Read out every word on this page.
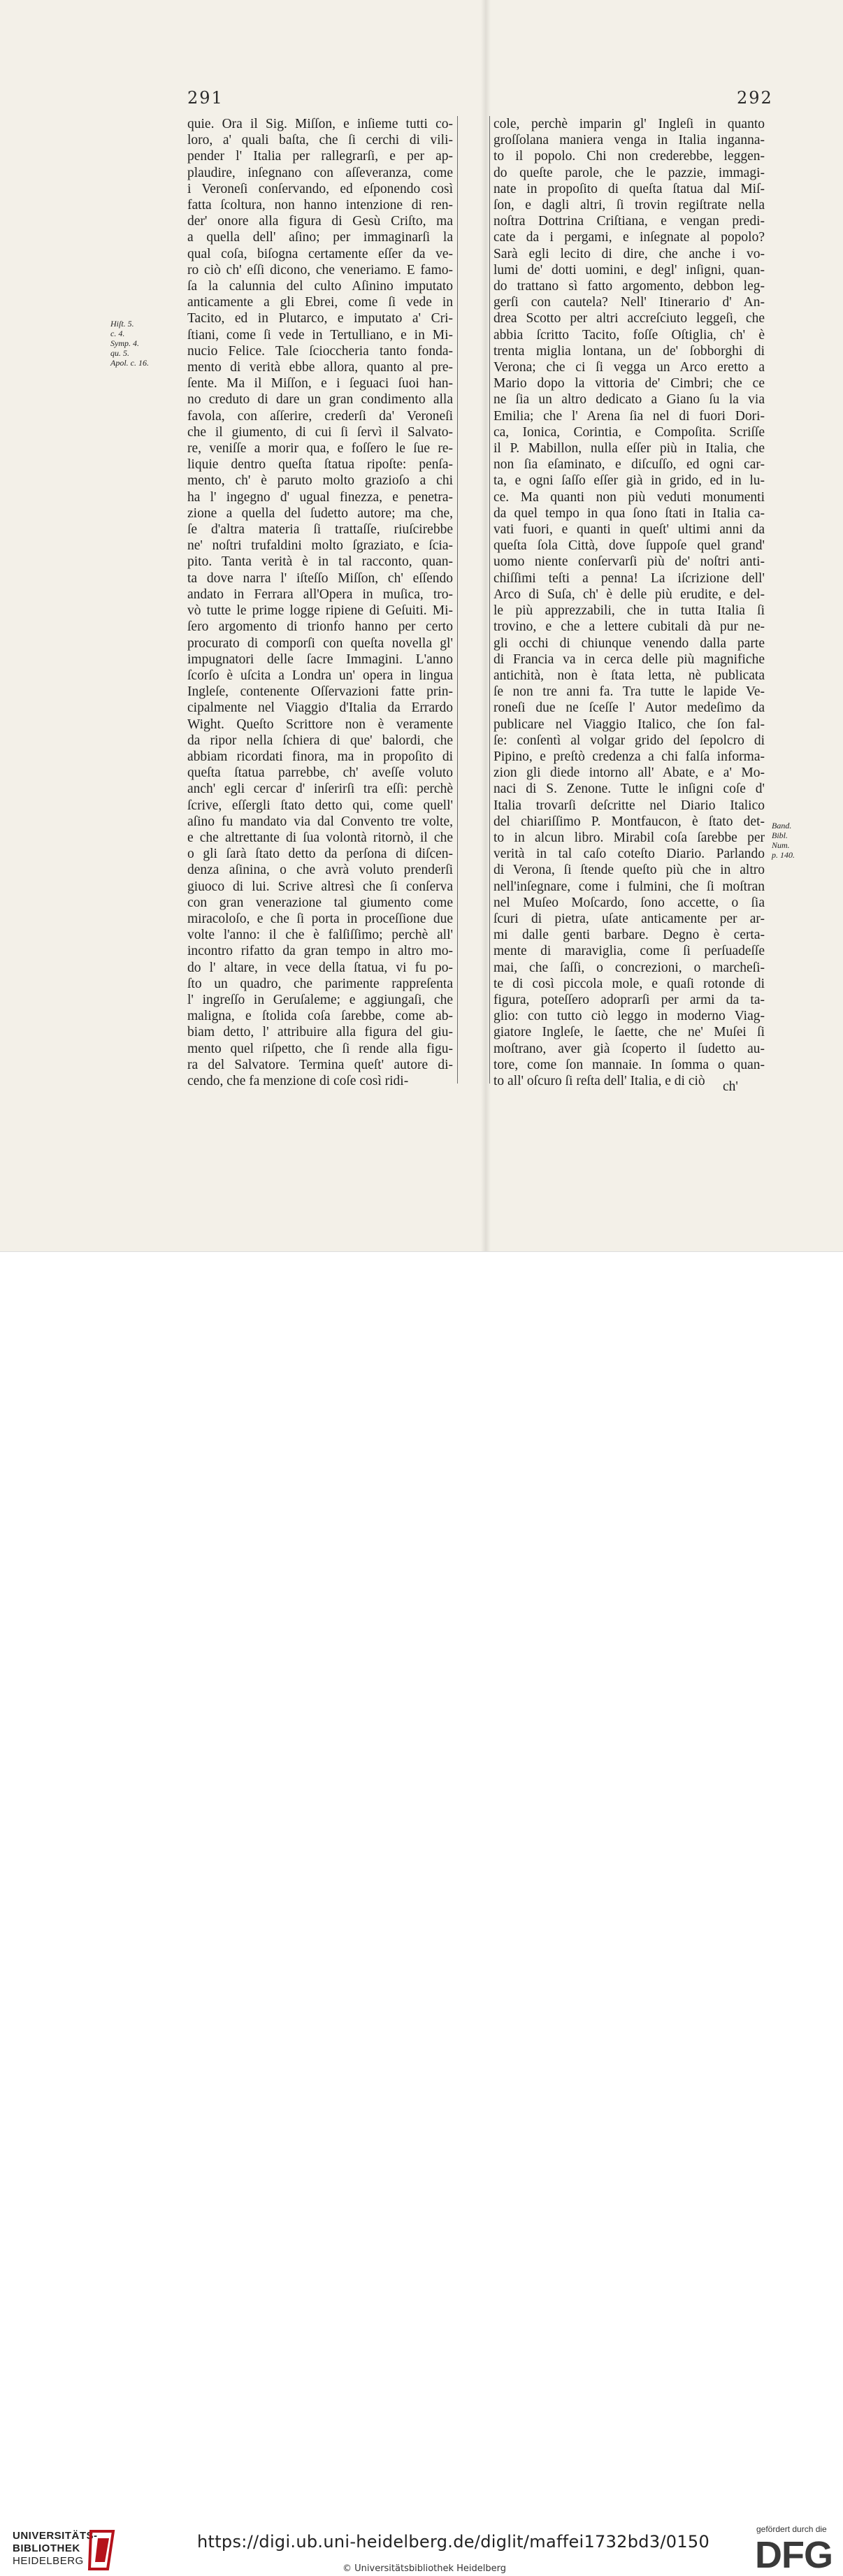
291	292
Hiſt. 5.
c. 4.
Symp. 4.
qu. 5.
Apol. c. 16.
Band.
Bibl.
Num.
p. 140.
quie. Ora il Sig. Miſſon, e inſieme tutti co-
loro, a' quali baſta, che ſi cerchi di vili-
pender l' Italia per rallegrarſi, e per ap-
plaudire, inſegnano con aſſeveranza, come
i Veroneſi conſervando, ed eſponendo così
fatta ſcoltura, non hanno intenzione di ren-
der' onore alla figura di Gesù Criſto, ma
a quella dell' aſino; per immaginarſi la
qual coſa, biſogna certamente eſſer da ve-
ro ciò ch' eſſi dicono, che veneriamo. E famo-
ſa la calunnia del culto Aſinino imputato
anticamente a gli Ebrei, come ſi vede in
Tacito, ed in Plutarco, e imputato a' Cri-
ſtiani, come ſi vede in Tertulliano, e in Mi-
nucio Felice. Tale ſcioccheria tanto fonda-
mento di verità ebbe allora, quanto al pre-
ſente. Ma il Miſſon, e i ſeguaci ſuoi han-
no creduto di dare un gran condimento alla
favola, con aſſerire, crederſi da' Veroneſi
che il giumento, di cui ſi ſervì il Salvato-
re, veniſſe a morir qua, e foſſero le ſue re-
liquie dentro queſta ſtatua ripoſte: penſa-
mento, ch' è paruto molto grazioſo a chi
ha l' ingegno d' ugual finezza, e penetra-
zione a quella del ſudetto autore; ma che,
ſe d'altra materia ſi trattaſſe, riuſcirebbe
ne' noſtri trufaldini molto ſgraziato, e ſcia-
pito. Tanta verità è in tal racconto, quan-
ta dove narra l' iſteſſo Miſſon, ch' eſſendo
andato in Ferrara all'Opera in muſica, tro-
vò tutte le prime logge ripiene di Geſuiti. Mi-
ſero argomento di trionfo hanno per certo
procurato di comporſi con queſta novella gl'
impugnatori delle ſacre Immagini. L'anno
ſcorſo è uſcita a Londra un' opera in lingua
Ingleſe, contenente Oſſervazioni fatte prin-
cipalmente nel Viaggio d'Italia da Errardo
Wight. Queſto Scrittore non è veramente
da ripor nella ſchiera di que' balordi, che
abbiam ricordati finora, ma in propoſito di
queſta ſtatua parrebbe, ch' aveſſe voluto
anch' egli cercar d' inſerirſi tra eſſi: perchè
ſcrive, eſſergli ſtato detto qui, come quell'
aſino fu mandato via dal Convento tre volte,
e che altrettante di ſua volontà ritornò, il che
o gli ſarà ſtato detto da perſona di diſcen-
denza aſinina, o che avrà voluto prenderſi
giuoco di lui. Scrive altresì che ſi conſerva
con gran venerazione tal giumento come
miracoloſo, e che ſi porta in proceſſione due
volte l'anno: il che è falſiſſimo; perchè all'
incontro rifatto da gran tempo in altro mo-
do l' altare, in vece della ſtatua, vi fu po-
ſto un quadro, che parimente rappreſenta
l' ingreſſo in Geruſaleme; e aggiungaſi, che
maligna, e ſtolida coſa ſarebbe, come ab-
biam detto, l' attribuire alla figura del giu-
mento quel riſpetto, che ſi rende alla figu-
ra del Salvatore. Termina queſt' autore di-
cendo, che fa menzione di coſe così ridi-
cole, perchè imparin gl' Ingleſi in quanto
groſſolana maniera venga in Italia inganna-
to il popolo. Chi non crederebbe, leggen-
do queſte parole, che le pazzie, immagi-
nate in propoſito di queſta ſtatua dal Miſ-
ſon, e dagli altri, ſi trovin regiſtrate nella
noſtra Dottrina Criſtiana, e vengan predi-
cate da i pergami, e inſegnate al popolo?
Sarà egli lecito di dire, che anche i vo-
lumi de' dotti uomini, e degl' inſigni, quan-
do trattano sì fatto argomento, debbon leg-
gerſi con cautela? Nell' Itinerario d' An-
drea Scotto per altri accreſciuto leggeſi, che
abbia ſcritto Tacito, foſſe Oſtiglia, ch' è
trenta miglia lontana, un de' ſobborghi di
Verona; che ci ſi vegga un Arco eretto a
Mario dopo la vittoria de' Cimbri; che ce
ne ſia un altro dedicato a Giano ſu la via
Emilia; che l' Arena ſia nel di fuori Dori-
ca, Ionica, Corintia, e Compoſita. Scriſſe
il P. Mabillon, nulla eſſer più in Italia, che
non ſia eſaminato, e diſcuſſo, ed ogni car-
ta, e ogni ſaſſo eſſer già in grido, ed in lu-
ce. Ma quanti non più veduti monumenti
da quel tempo in qua ſono ſtati in Italia ca-
vati fuori, e quanti in queſt' ultimi anni da
queſta ſola Città, dove ſuppoſe quel grand'
uomo niente conſervarſi più de' noſtri anti-
chiſſimi teſti a penna! La iſcrizione dell'
Arco di Suſa, ch' è delle più erudite, e del-
le più apprezzabili, che in tutta Italia ſi
trovino, e che a lettere cubitali dà pur ne-
gli occhi di chiunque venendo dalla parte
di Francia va in cerca delle più magnifiche
antichità, non è ſtata letta, nè publicata
ſe non tre anni fa. Tra tutte le lapide Ve-
roneſi due ne ſceſſe l' Autor medeſimo da
publicare nel Viaggio Italico, che ſon fal-
ſe: conſentì al volgar grido del ſepolcro di
Pipino, e preſtò credenza a chi falſa informa-
zion gli diede intorno all' Abate, e a' Mo-
naci di S. Zenone. Tutte le inſigni coſe d'
Italia trovarſi deſcritte nel Diario Italico
del chiariſſimo P. Montfaucon, è ſtato det-
to in alcun libro. Mirabil coſa ſarebbe per
verità in tal caſo coteſto Diario. Parlando
di Verona, ſi ſtende queſto più che in altro
nell'inſegnare, come i fulmini, che ſi moſtran
nel Muſeo Moſcardo, ſono accette, o ſia
ſcuri di pietra, uſate anticamente per ar-
mi dalle genti barbare. Degno è certa-
mente di maraviglia, come ſi perſuadeſſe
mai, che ſaſſi, o concrezioni, o marcheſi-
te di così piccola mole, e quaſi rotonde di
figura, poteſſero adoprarſi per armi da ta-
glio: con tutto ciò leggo in moderno Viag-
giatore Ingleſe, le ſaette, che ne' Muſei ſi
moſtrano, aver già ſcoperto il ſudetto au-
tore, come ſon mannaie. In ſomma o quan-
to all' oſcuro ſi reſta dell' Italia, e di ciò	ch'
UNIVERSITÄTS-
BIBLIOTHEK
HEIDELBERG
https://digi.ub.uni-heidelberg.de/diglit/maffei1732bd3/0150
© Universitätsbibliothek Heidelberg
gefördert durch die
DFG
